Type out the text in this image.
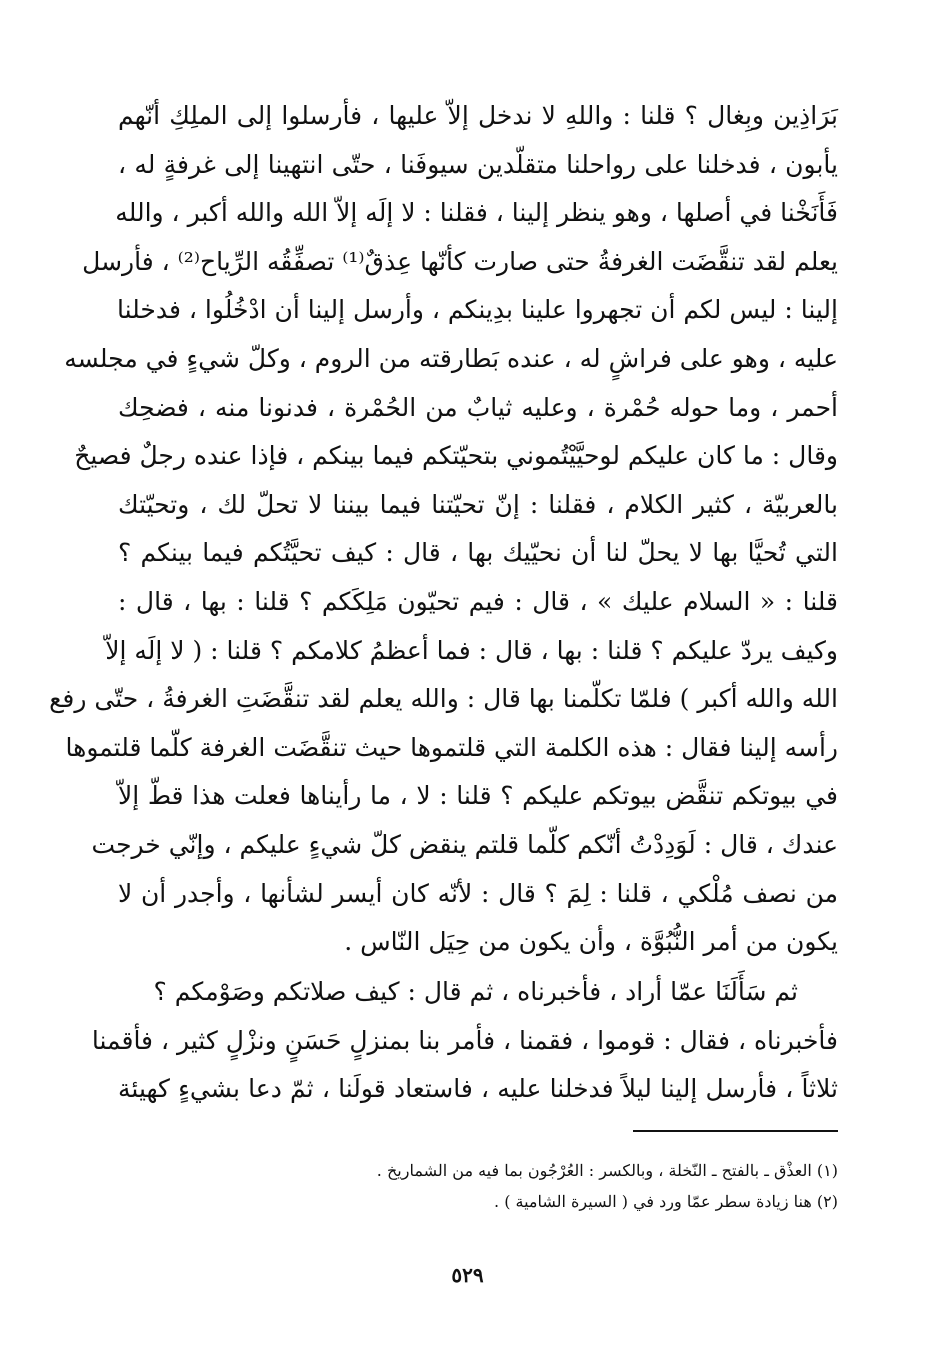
بَرَاذِين وبِغال ؟ قلنا : واللهِ لا ندخل إلاّ عليها ، فأرسلوا إلى الملِكِ أنّهم
يأبون ، فدخلنا على رواحلنا متقلّدين سيوفَنا ، حتّى انتهينا إلى غرفةٍ له ،
فَأَنَخْنا في أصلها ، وهو ينظر إلينا ، فقلنا : لا إلَه إلاّ الله والله أكبر ، والله
يعلم لقد تنقَّضَت الغرفةُ حتى صارت كأنّها عِذقٌ⁽¹⁾ تصفِّقُه الرِّياح⁽²⁾ ، فأرسل
إلينا : ليس لكم أن تجهروا علينا بدِينكم ، وأرسل إلينا أن ادْخُلُوا ، فدخلنا
عليه ، وهو على فراشٍ له ، عنده بَطارقته من الروم ، وكلّ شيءٍ في مجلسه
أحمر ، وما حوله حُمْرة ، وعليه ثيابٌ من الحُمْرة ، فدنونا منه ، فضحِك
وقال : ما كان عليكم لوحيَّيْتُموني بتحيّتكم فيما بينكم ، فإذا عنده رجلٌ فصيحٌ
بالعربيّة ، كثير الكلام ، فقلنا : إنّ تحيّتنا فيما بيننا لا تحلّ لك ، وتحيّتك
التي تُحيَّا بها لا يحلّ لنا أن نحيّيك بها ، قال : كيف تحيَّتُكم فيما بينكم ؟
قلنا : « السلام عليك » ، قال : فيم تحيّون مَلِكَكم ؟ قلنا : بها ، قال :
وكيف يردّ عليكم ؟ قلنا : بها ، قال : فما أعظمُ كلامكم ؟ قلنا : ( لا إلَه إلاّ
الله والله أكبر ) فلمّا تكلّمنا بها قال : والله يعلم لقد تنقَّضَتِ الغرفةُ ، حتّى رفع
رأسه إلينا فقال : هذه الكلمة التي قلتموها حيث تنقَّضَت الغرفة كلّما قلتموها
في بيوتكم تنقَّض بيوتكم عليكم ؟ قلنا : لا ، ما رأيناها فعلت هذا قطّ إلاّ
عندك ، قال : لَوَدِدْتُ أنّكم كلّما قلتم ينقض كلّ شيءٍ عليكم ، وإنّي خرجت
من نصف مُلْكي ، قلنا : لِمَ ؟ قال : لأنّه كان أيسر لشأنها ، وأجدر أن لا
يكون من أمر النُّبُوَّة ، وأن يكون من حِيَل النّاس .
ثم سَأَلَنَا عمّا أراد ، فأخبرناه ، ثم قال : كيف صلاتكم وصَوْمكم ؟
فأخبرناه ، فقال : قوموا ، فقمنا ، فأمر بنا بمنزلٍ حَسَنٍ ونزْلٍ كثير ، فأقمنا
ثلاثاً ، فأرسل إلينا ليلاً فدخلنا عليه ، فاستعاد قولَنا ، ثمّ دعا بشيءٍ كهيئة
(١) العذْق ـ بالفتح ـ النّخلة ، وبالكسر : العُرْجُون بما فيه من الشماريخ .
(٢) هنا زيادة سطر عمّا ورد في ( السيرة الشامية ) .
٥٢٩
